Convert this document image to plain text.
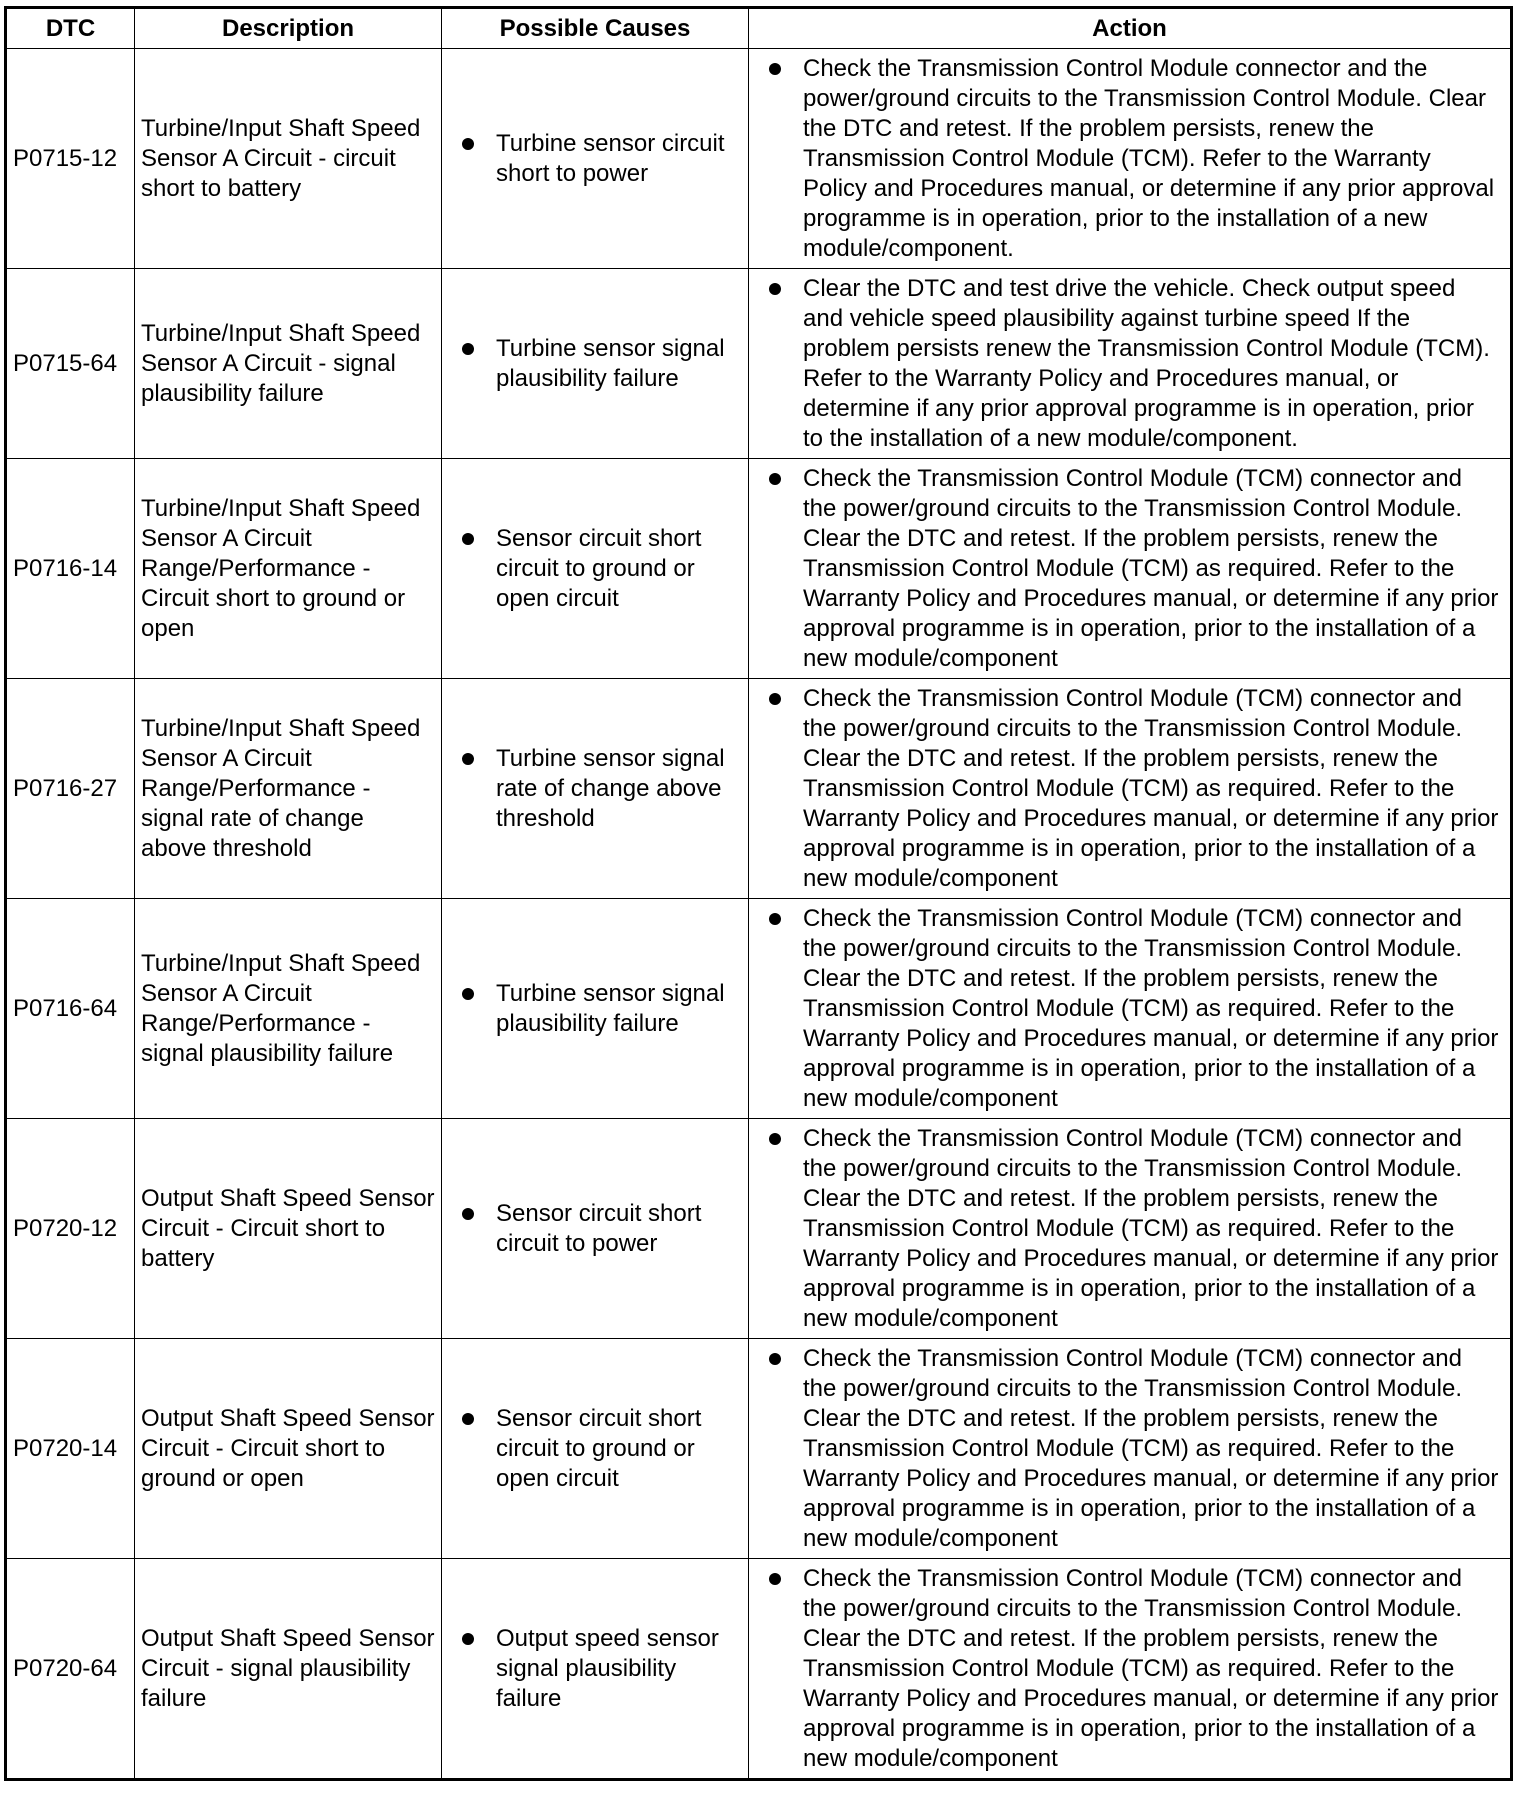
DTC	Description	Possible Causes	Action
P0715-12	Turbine/Input Shaft Speed Sensor A Circuit - circuit short to battery	Turbine sensor circuit short to power	Check the Transmission Control Module connector and the power/ground circuits to the Transmission Control Module. Clear the DTC and retest. If the problem persists, renew the Transmission Control Module (TCM). Refer to the Warranty Policy and Procedures manual, or determine if any prior approval programme is in operation, prior to the installation of a new module/component.

P0715-64	Turbine/Input Shaft Speed Sensor A Circuit - signal plausibility failure	Turbine sensor signal plausibility failure	Clear the DTC and test drive the vehicle. Check output speed and vehicle speed plausibility against turbine speed If the problem persists renew the Transmission Control Module (TCM). Refer to the Warranty Policy and Procedures manual, or determine if any prior approval programme is in operation, prior to the installation of a new module/component.

P0716-14	Turbine/Input Shaft Speed Sensor A Circuit Range/Performance - Circuit short to ground or open	Sensor circuit short circuit to ground or open circuit	Check the Transmission Control Module (TCM) connector and the power/ground circuits to the Transmission Control Module. Clear the DTC and retest. If the problem persists, renew the Transmission Control Module (TCM) as required. Refer to the Warranty Policy and Procedures manual, or determine if any prior approval programme is in operation, prior to the installation of a new module/component

P0716-27	Turbine/Input Shaft Speed Sensor A Circuit Range/Performance - signal rate of change above threshold	Turbine sensor signal rate of change above threshold	Check the Transmission Control Module (TCM) connector and the power/ground circuits to the Transmission Control Module. Clear the DTC and retest. If the problem persists, renew the Transmission Control Module (TCM) as required. Refer to the Warranty Policy and Procedures manual, or determine if any prior approval programme is in operation, prior to the installation of a new module/component

P0716-64	Turbine/Input Shaft Speed Sensor A Circuit Range/Performance - signal plausibility failure	Turbine sensor signal plausibility failure	Check the Transmission Control Module (TCM) connector and the power/ground circuits to the Transmission Control Module. Clear the DTC and retest. If the problem persists, renew the Transmission Control Module (TCM) as required. Refer to the Warranty Policy and Procedures manual, or determine if any prior approval programme is in operation, prior to the installation of a new module/component

P0720-12	Output Shaft Speed Sensor Circuit - Circuit short to battery	Sensor circuit short circuit to power	Check the Transmission Control Module (TCM) connector and the power/ground circuits to the Transmission Control Module. Clear the DTC and retest. If the problem persists, renew the Transmission Control Module (TCM) as required. Refer to the Warranty Policy and Procedures manual, or determine if any prior approval programme is in operation, prior to the installation of a new module/component

P0720-14	Output Shaft Speed Sensor Circuit - Circuit short to ground or open	Sensor circuit short circuit to ground or open circuit	Check the Transmission Control Module (TCM) connector and the power/ground circuits to the Transmission Control Module. Clear the DTC and retest. If the problem persists, renew the Transmission Control Module (TCM) as required. Refer to the Warranty Policy and Procedures manual, or determine if any prior approval programme is in operation, prior to the installation of a new module/component

P0720-64	Output Shaft Speed Sensor Circuit - signal plausibility failure	Output speed sensor signal plausibility failure	Check the Transmission Control Module (TCM) connector and the power/ground circuits to the Transmission Control Module. Clear the DTC and retest. If the problem persists, renew the Transmission Control Module (TCM) as required. Refer to the Warranty Policy and Procedures manual, or determine if any prior approval programme is in operation, prior to the installation of a new module/component
